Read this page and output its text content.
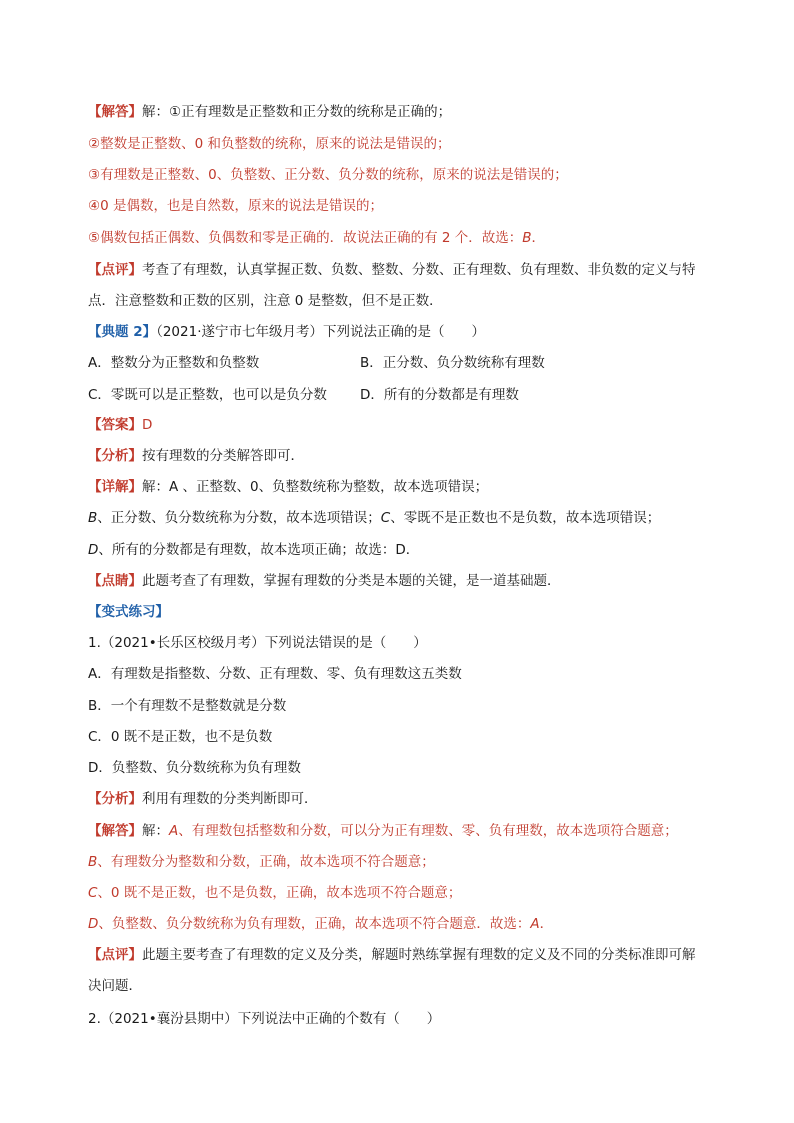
【解答】解：①正有理数是正整数和正分数的统称是正确的；
②整数是正整数、0 和负整数的统称，原来的说法是错误的；
③有理数是正整数、0、负整数、正分数、负分数的统称，原来的说法是错误的；
④0 是偶数，也是自然数，原来的说法是错误的；
⑤偶数包括正偶数、负偶数和零是正确的．故说法正确的有 2 个．故选：B．
【点评】考查了有理数，认真掌握正数、负数、整数、分数、正有理数、负有理数、非负数的定义与特
点．注意整数和正数的区别，注意 0 是整数，但不是正数．
【典题 2】（2021·遂宁市七年级月考）下列说法正确的是（　　）
A．整数分为正整数和负整数	B．正分数、负分数统称有理数
C．零既可以是正整数，也可以是负分数 D．所有的分数都是有理数
【答案】D
【分析】按有理数的分类解答即可．
【详解】解：A 、正整数、0、负整数统称为整数，故本选项错误；
B、正分数、负分数统称为分数，故本选项错误；C、零既不是正数也不是负数，故本选项错误；
D、所有的分数都是有理数，故本选项正确；故选：D．
【点睛】此题考查了有理数，掌握有理数的分类是本题的关键，是一道基础题．
【变式练习】
1.（2021•长乐区校级月考）下列说法错误的是（　　）
A．有理数是指整数、分数、正有理数、零、负有理数这五类数
B．一个有理数不是整数就是分数
C．0 既不是正数，也不是负数
D．负整数、负分数统称为负有理数
【分析】利用有理数的分类判断即可．
【解答】解：A、有理数包括整数和分数，可以分为正有理数、零、负有理数，故本选项符合题意；
B、有理数分为整数和分数，正确，故本选项不符合题意；
C、0 既不是正数，也不是负数，正确，故本选项不符合题意；
D、负整数、负分数统称为负有理数，正确，故本选项不符合题意．故选：A．
【点评】此题主要考查了有理数的定义及分类，解题时熟练掌握有理数的定义及不同的分类标准即可解
决问题．
2.（2021•襄汾县期中）下列说法中正确的个数有（　　）
